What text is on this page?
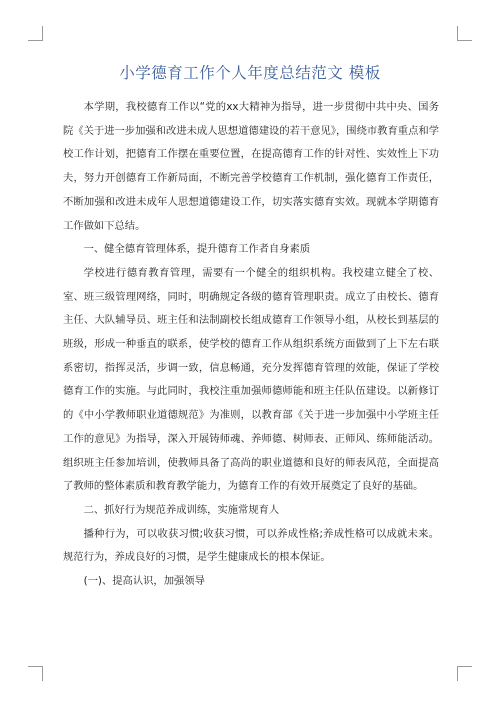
小学德育工作个人年度总结范文 模板

本学期，我校德育工作以“党的xx大精神为指导，进一步贯彻中共中央、国务院《关于进一步加强和改进未成人思想道德建设的若干意见》，围绕市教育重点和学校工作计划，把德育工作摆在重要位置，在提高德育工作的针对性、实效性上下功夫，努力开创德育工作新局面，不断完善学校德育工作机制，强化德育工作责任，不断加强和改进未成年人思想道德建设工作，切实落实德育实效。现就本学期德育工作做如下总结。

一、健全德育管理体系，提升德育工作者自身素质

学校进行德育教育管理，需要有一个健全的组织机构。我校建立健全了校、室、班三级管理网络，同时，明确规定各级的德育管理职责。成立了由校长、德育主任、大队辅导员、班主任和法制副校长组成德育工作领导小组，从校长到基层的班级，形成一种垂直的联系，使学校的德育工作从组织系统方面做到了上下左右联系密切，指挥灵活，步调一致，信息畅通，充分发挥德育管理的效能，保证了学校德育工作的实施。与此同时，我校注重加强师德师能和班主任队伍建设。以新修订的《中小学教师职业道德规范》为准则，以教育部《关于进一步加强中小学班主任工作的意见》为指导，深入开展铸师魂、养师德、树师表、正师风、练师能活动。组织班主任参加培训，使教师具备了高尚的职业道德和良好的师表风范，全面提高了教师的整体素质和教育教学能力，为德育工作的有效开展奠定了良好的基础。

二、抓好行为规范养成训练，实施常规育人

播种行为，可以收获习惯;收获习惯，可以养成性格;养成性格可以成就未来。规范行为，养成良好的习惯，是学生健康成长的根本保证。

(一)、提高认识，加强领导
